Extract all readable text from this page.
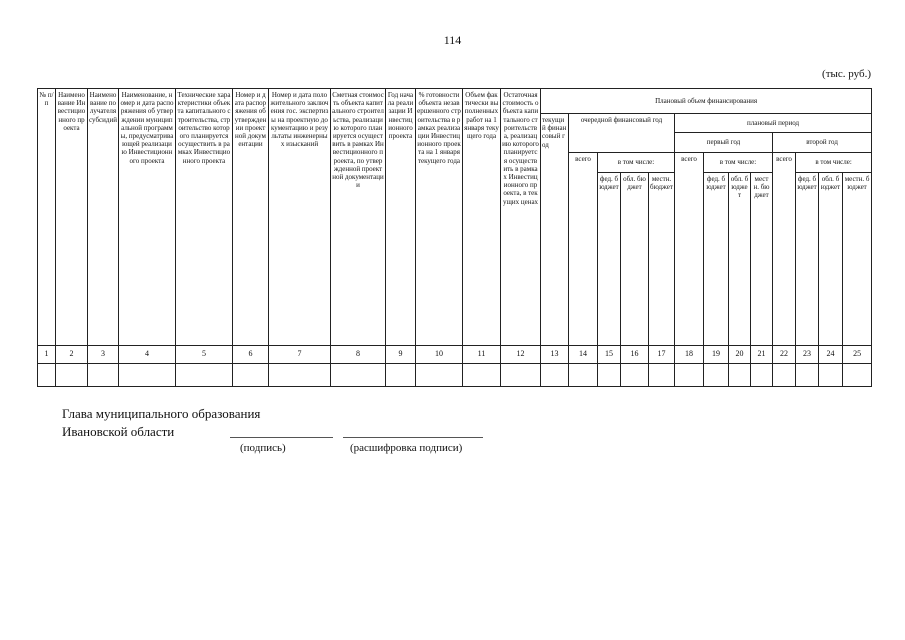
114
(тыс. руб.)
№ п/п	Наименование Инвестиционного проекта	Наименование получателя субсидий	Наименование, номер и дата распоряжения об утверждении муниципальной программы, предусматривающей реализацию Инвестиционного проекта	Технические характеристики объекта капитального строительства, строительство которого планируется осуществить в рамках Инвестиционного проекта	Номер и дата распоряжения об утверждении проектной документации	Номер и дата положительного заключения гос. экспертизы на проектную документацию и результаты инженерных изысканий	Сметная стоимость объекта капитального строительства, реализацию которого планируется осуществить в рамках Инвестиционного проекта, по утвержденной проектной документации	Год начала реализации Инвестиционного проекта	% готовности объекта незавершенного строительства в рамках реализации Инвестиционного проекта на 1 января текущего года	Объем фактически выполненных работ на 1 января текущего года	Остаточная стоимость объекта капитального строительства, реализацию которого планируется осуществить в рамках Инвестиционного проекта, в текущих ценах	Плановый объем финансирования												
												текущий финансовый год	очередной финансовый год				плановый период							
																	первый год				второй год			
													всего	в том числе:			всего	в том числе:			всего	в том числе:		
														фед. бюджет	обл. бюджет	местн. бюджет		фед. бюджет	обл. бюджет	местн. бюджет		фед. бюджет	обл. бюджет	местн. бюджет
1	2	3	4	5	6	7	8	9	10	11	12	13	14	15	16	17	18	19	20	21	22	23	24	25

Глава муниципального образования
Ивановской области
(подпись)	(расшифровка подписи)
